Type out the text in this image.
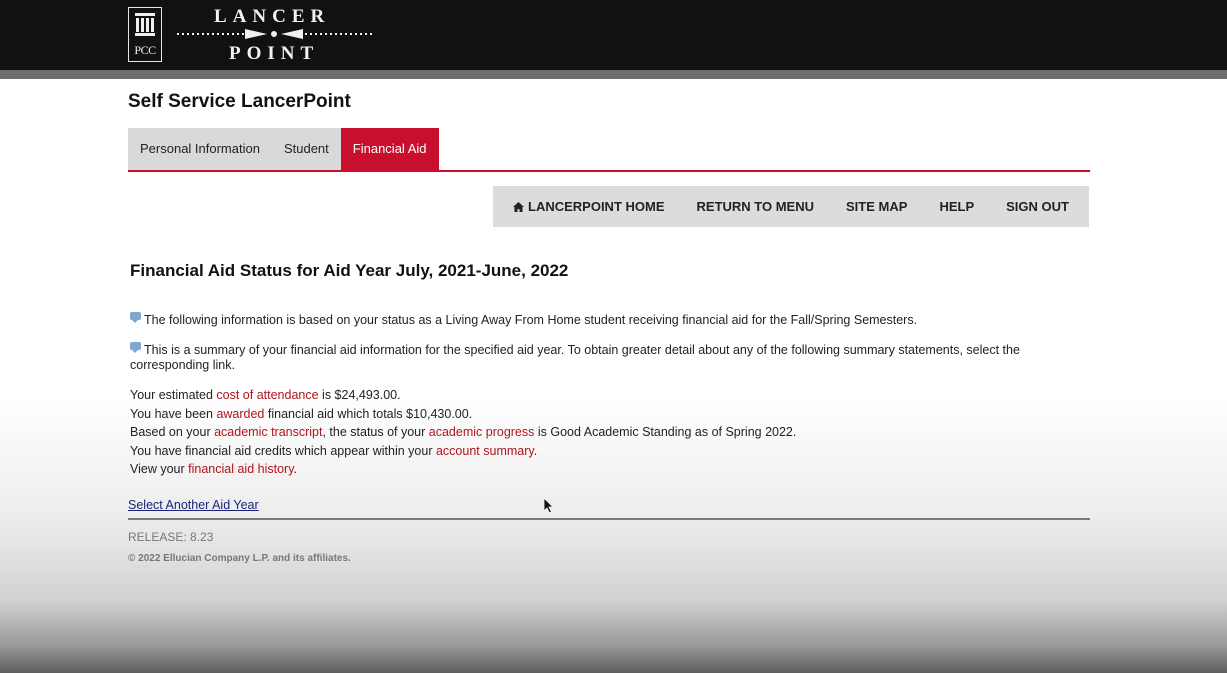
PCC
LANCER
POINT
Self Service LancerPoint
Personal Information	Student	Financial Aid
LANCERPOINT HOME RETURN TO MENU SITE MAP HELP SIGN OUT
Financial Aid Status for Aid Year July, 2021-June, 2022
The following information is based on your status as a Living Away From Home student receiving financial aid for the Fall/Spring Semesters.
This is a summary of your financial aid information for the specified aid year. To obtain greater detail about any of the following summary statements, select the corresponding link.
Your estimated cost of attendance is $24,493.00.
You have been awarded financial aid which totals $10,430.00.
Based on your academic transcript, the status of your academic progress is Good Academic Standing as of Spring 2022.
You have financial aid credits which appear within your account summary.
View your financial aid history.
Select Another Aid Year
RELEASE: 8.23
© 2022 Ellucian Company L.P. and its affiliates.
